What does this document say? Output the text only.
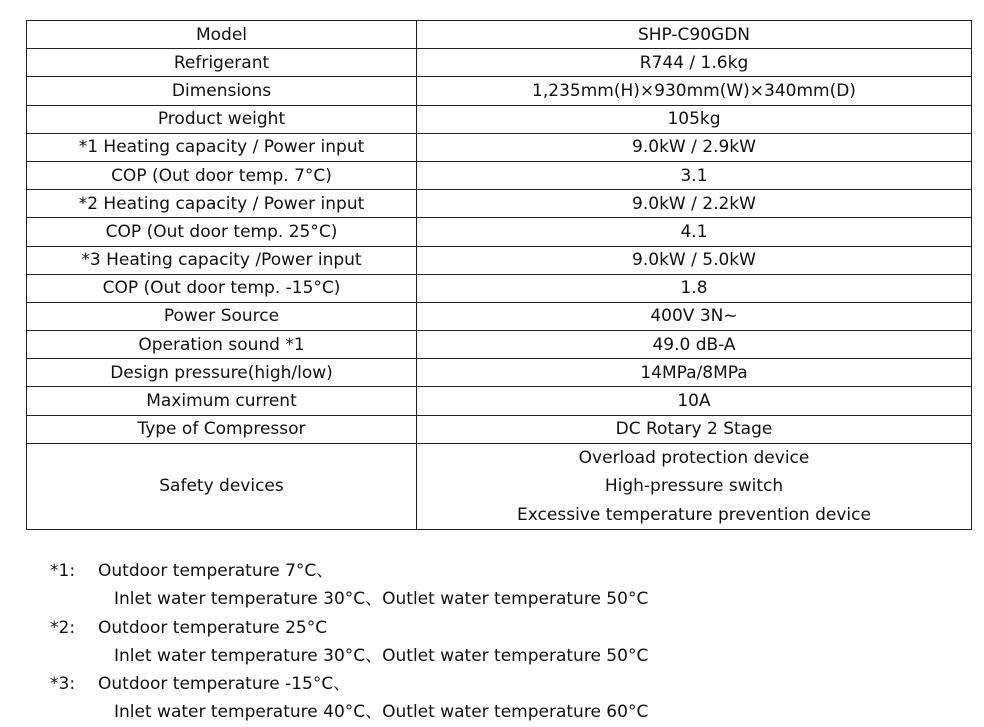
Model	SHP-C90GDN
Refrigerant	R744 / 1.6kg
Dimensions	1,235mm(H)×930mm(W)×340mm(D)
Product weight	105kg
*1 Heating capacity / Power input	9.0kW / 2.9kW
COP (Out door temp. 7°C)	3.1
*2 Heating capacity / Power input	9.0kW / 2.2kW
COP (Out door temp. 25°C)	4.1
*3 Heating capacity /Power input	9.0kW / 5.0kW
COP (Out door temp. -15°C)	1.8
Power Source	400V 3N~
Operation sound *1	49.0 dB-A
Design pressure(high/low)	14MPa/8MPa
Maximum current	10A
Type of Compressor	DC Rotary 2 Stage
Safety devices	Overload protection device
High-pressure switch
Excessive temperature prevention device
*1: Outdoor temperature 7°C、
Inlet water temperature 30°C、Outlet water temperature 50°C
*2: Outdoor temperature 25°C
Inlet water temperature 30°C、Outlet water temperature 50°C
*3: Outdoor temperature -15°C、
Inlet water temperature 40°C、Outlet water temperature 60°C
